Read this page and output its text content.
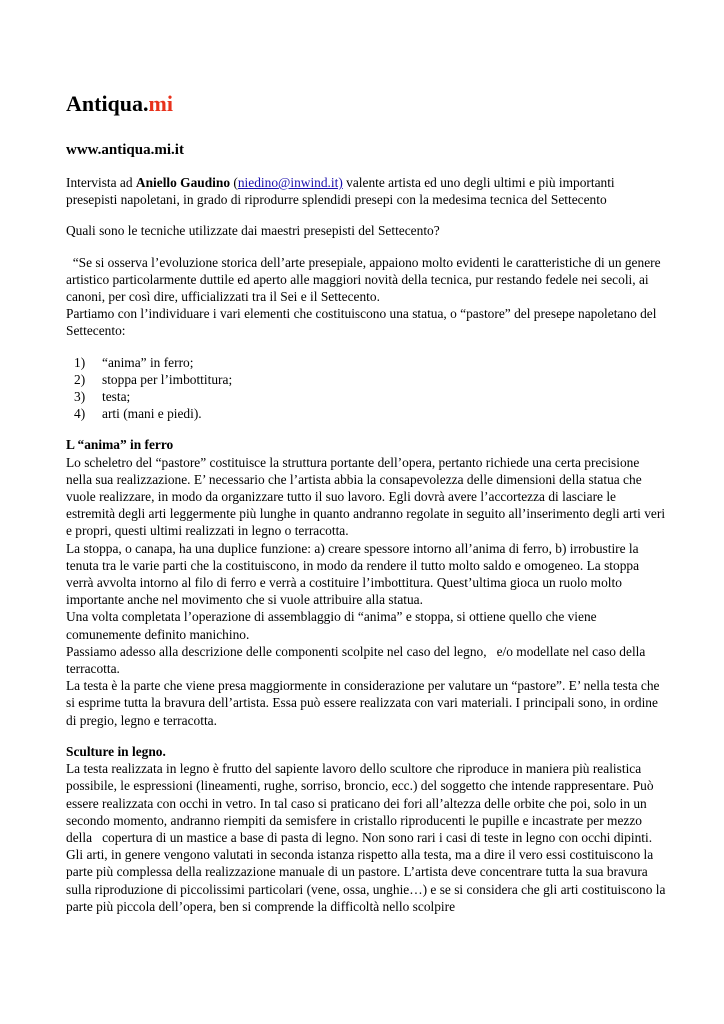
Antiqua.mi
www.antiqua.mi.it

Intervista ad Aniello Gaudino (niedino@inwind.it) valente artista ed uno degli ultimi e più importanti presepisti napoletani, in grado di riprodurre splendidi presepi con la medesima tecnica del Settecento

Quali sono le tecniche utilizzate dai maestri presepisti del Settecento?

“Se si osserva l’evoluzione storica dell’arte presepiale, appaiono molto evidenti le caratteristiche di un genere artistico particolarmente duttile ed aperto alle maggiori novità della tecnica, pur restando fedele nei secoli, ai canoni, per così dire, ufficializzati tra il Sei e il Settecento.

Partiamo con l’individuare i vari elementi che costituiscono una statua, o “pastore” del presepe napoletano del Settecento:

1)	“anima” in ferro;
2)	stoppa per l’imbottitura;
3)	testa;
4)	arti (mani e piedi).

L “anima” in ferro

Lo scheletro del “pastore” costituisce la struttura portante dell’opera, pertanto richiede una certa precisione nella sua realizzazione. E’ necessario che l’artista abbia la consapevolezza delle dimensioni della statua che vuole realizzare, in modo da organizzare tutto il suo lavoro. Egli dovrà avere l’accortezza di lasciare le estremità degli arti leggermente più lunghe in quanto andranno regolate in seguito all’inserimento degli arti veri e propri, questi ultimi realizzati in legno o terracotta.

La stoppa, o canapa, ha una duplice funzione: a) creare spessore intorno all’anima di ferro, b) irrobustire la tenuta tra le varie parti che la costituiscono, in modo da rendere il tutto molto saldo e omogeneo. La stoppa verrà avvolta intorno al filo di ferro e verrà a costituire l’imbottitura. Quest’ultima gioca un ruolo molto importante anche nel movimento che si vuole attribuire alla statua.

Una volta completata l’operazione di assemblaggio di “anima” e stoppa, si ottiene quello che viene comunemente definito manichino.

Passiamo adesso alla descrizione delle componenti scolpite nel caso del legno,   e/o modellate nel caso della terracotta.

La testa è la parte che viene presa maggiormente in considerazione per valutare un “pastore”. E’ nella testa che si esprime tutta la bravura dell’artista. Essa può essere realizzata con vari materiali. I principali sono, in ordine di pregio, legno e terracotta.

Sculture in legno.

La testa realizzata in legno è frutto del sapiente lavoro dello scultore che riproduce in maniera più realistica possibile, le espressioni (lineamenti, rughe, sorriso, broncio, ecc.) del soggetto che intende rappresentare. Può essere realizzata con occhi in vetro. In tal caso si praticano dei fori all’altezza delle orbite che poi, solo in un secondo momento, andranno riempiti da semisfere in cristallo riproducenti le pupille e incastrate per mezzo della   copertura di un mastice a base di pasta di legno. Non sono rari i casi di teste in legno con occhi dipinti.

Gli arti, in genere vengono valutati in seconda istanza rispetto alla testa, ma a dire il vero essi costituiscono la parte più complessa della realizzazione manuale di un pastore. L’artista deve concentrare tutta la sua bravura sulla riproduzione di piccolissimi particolari (vene, ossa, unghie…) e se si considera che gli arti costituiscono la parte più piccola dell’opera, ben si comprende la difficoltà nello scolpire
